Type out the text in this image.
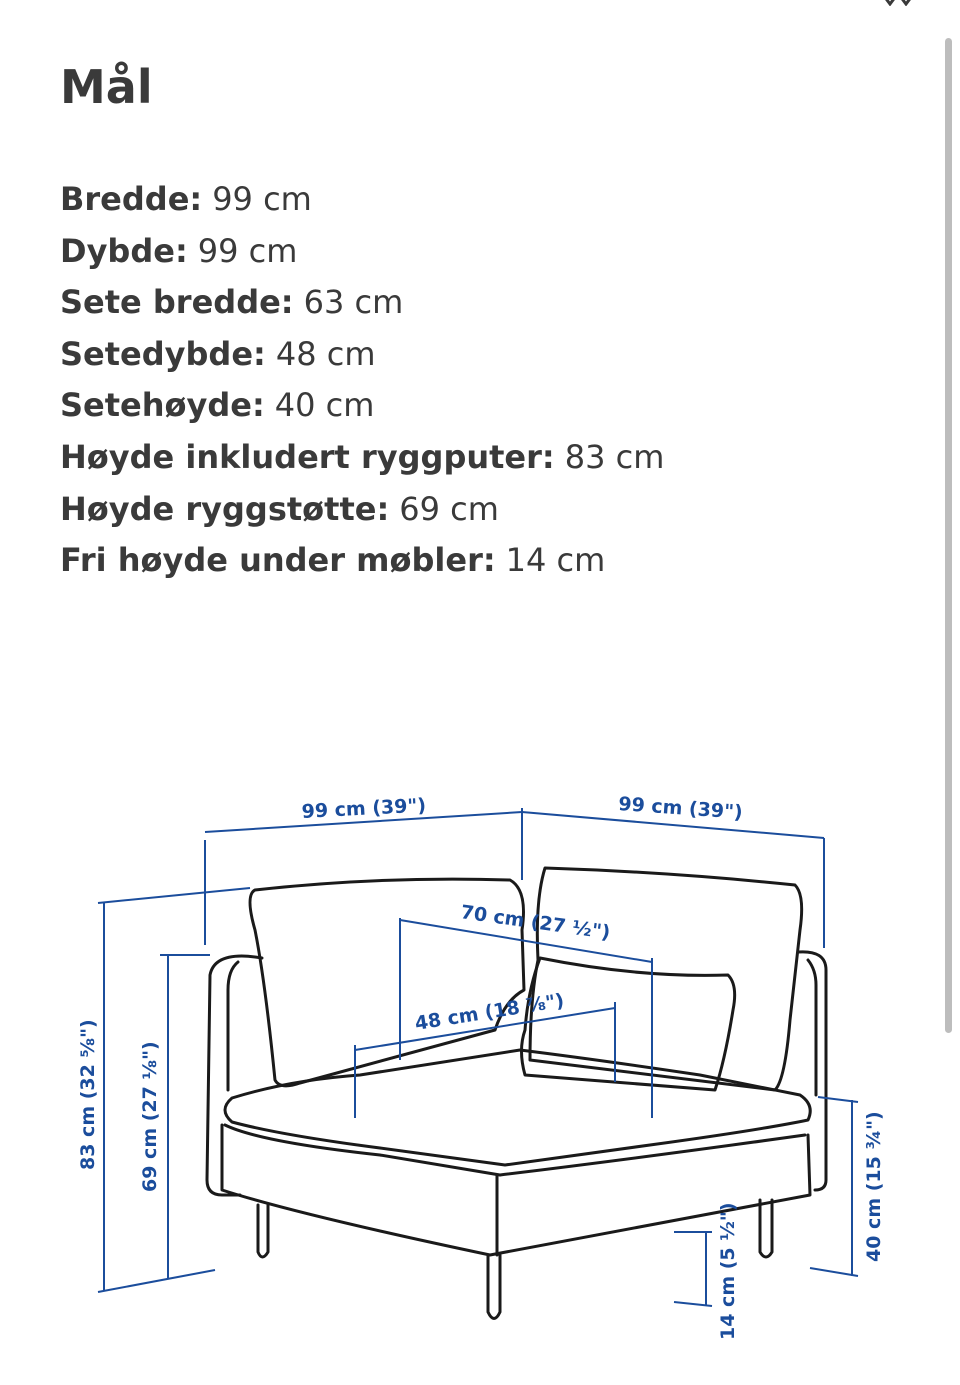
Mål
Bredde: 99 cm
Dybde: 99 cm
Sete bredde: 63 cm
Setedybde: 48 cm
Setehøyde: 40 cm
Høyde inkludert ryggputer: 83 cm
Høyde ryggstøtte: 69 cm
Fri høyde under møbler: 14 cm
99 cm (39")	99 cm (39")
70 cm (27 ½")
48 cm (18 ⅞")
83 cm (32 ⅝") 69 cm (27 ⅛")	40 cm (15 ¾")
14 cm (5 ½")
